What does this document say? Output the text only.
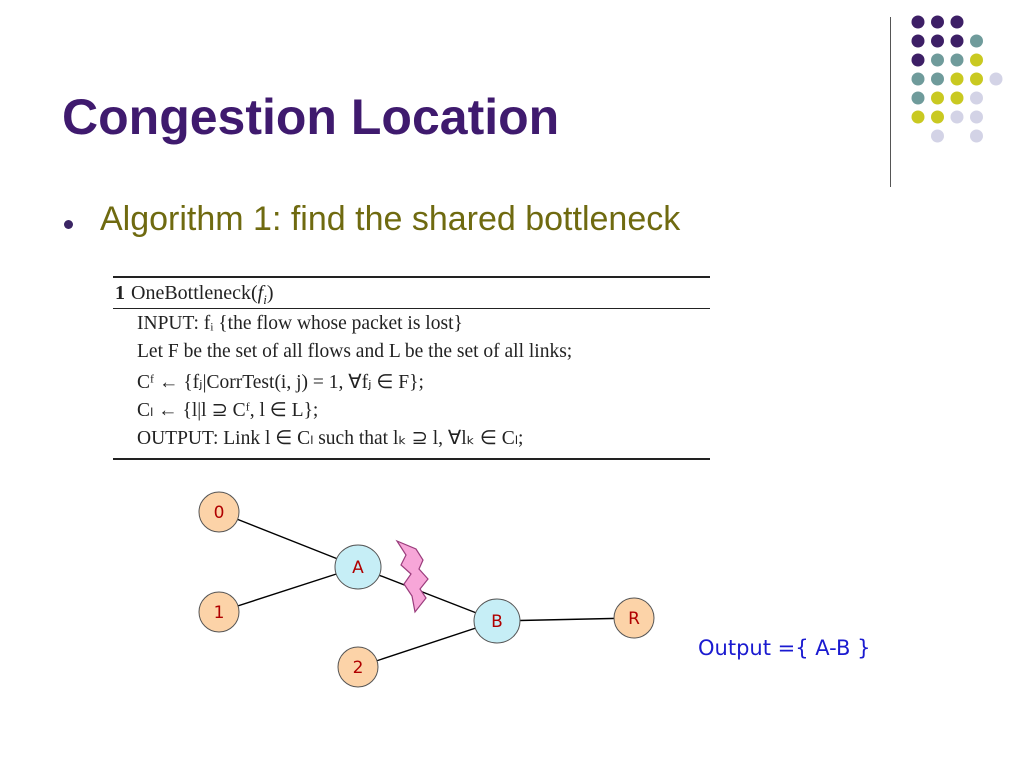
Congestion Location
Algorithm 1: find the shared bottleneck
1 $OneBottleneck(f_i)$
INPUT: fᵢ {the flow whose packet is lost}
Let F be the set of all flows and L be the set of all links;
Cᶠ ← {fⱼ|CorrTest(i, j) = 1, ∀fⱼ ∈ F};
Cₗ ← {l|l ⊇ Cᶠ, l ∈ L};
OUTPUT: Link l ∈ Cₗ such that lₖ ⊇ l, ∀lₖ ∈ Cₗ;
0
1
2
A
B	R
Output ={ A-B }
